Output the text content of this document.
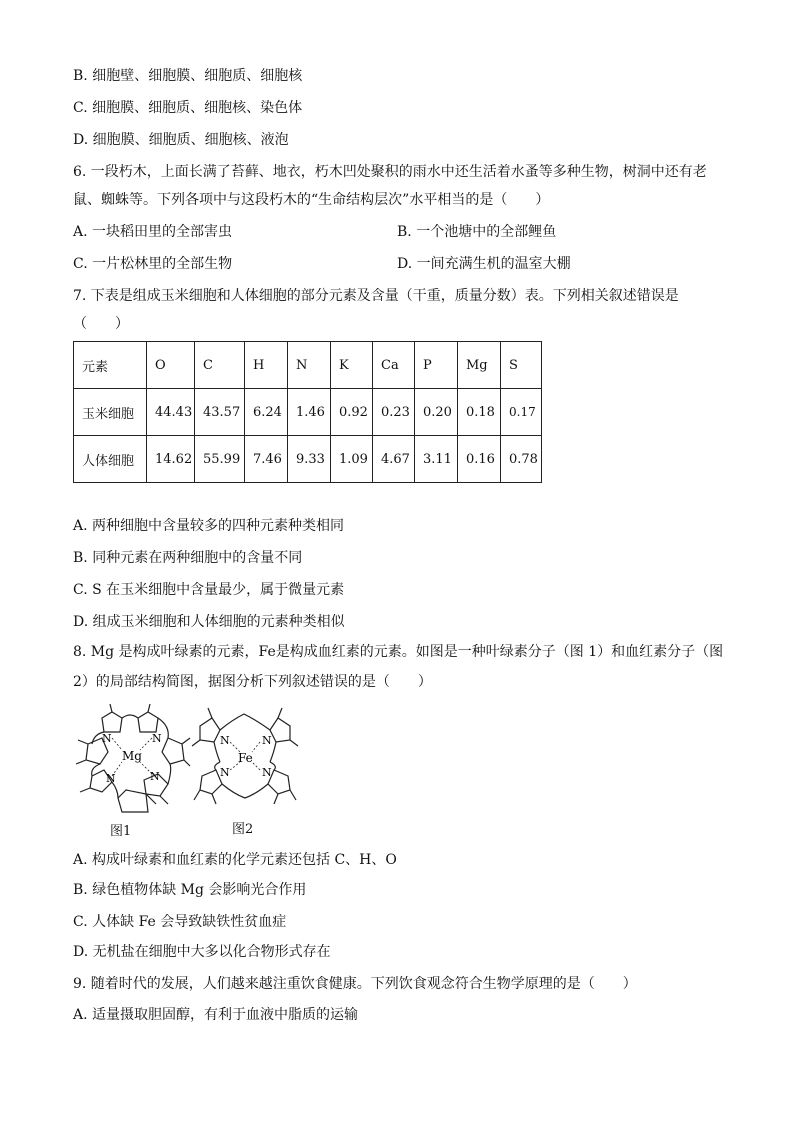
B. 细胞壁、细胞膜、细胞质、细胞核
C. 细胞膜、细胞质、细胞核、染色体
D. 细胞膜、细胞质、细胞核、液泡
6. 一段朽木，上面长满了苔藓、地衣，朽木凹处聚积的雨水中还生活着水蚤等多种生物，树洞中还有老
鼠、蜘蛛等。下列各项中与这段朽木的“生命结构层次”水平相当的是（　　）
A. 一块稻田里的全部害虫	B. 一个池塘中的全部鲤鱼
C. 一片松林里的全部生物	D. 一间充满生机的温室大棚
7. 下表是组成玉米细胞和人体细胞的部分元素及含量（干重，质量分数）表。下列相关叙述错误是
（　　）
元素	O	C	H	N	K	Ca	P	Mg	S
玉米细胞	44.43	43.57	6.24	1.46	0.92	0.23	0.20	0.18	0.17
人体细胞	14.62	55.99	7.46	9.33	1.09	4.67	3.11	0.16	0.78
A. 两种细胞中含量较多的四种元素种类相同
B. 同种元素在两种细胞中的含量不同
C. S 在玉米细胞中含量最少，属于微量元素
D. 组成玉米细胞和人体细胞的元素种类相似
8. Mg 是构成叶绿素的元素，Fe是构成血红素的元素。如图是一种叶绿素分子（图 1）和血红素分子（图
2）的局部结构简图，据图分析下列叙述错误的是（　　）
N	N
N	N
Mg
图1
N	N
N	N
Fe
图2
A. 构成叶绿素和血红素的化学元素还包括 C、H、O
B. 绿色植物体缺 Mg 会影响光合作用
C. 人体缺 Fe 会导致缺铁性贫血症
D. 无机盐在细胞中大多以化合物形式存在
9. 随着时代的发展，人们越来越注重饮食健康。下列饮食观念符合生物学原理的是（　　）
A. 适量摄取胆固醇，有利于血液中脂质的运输
